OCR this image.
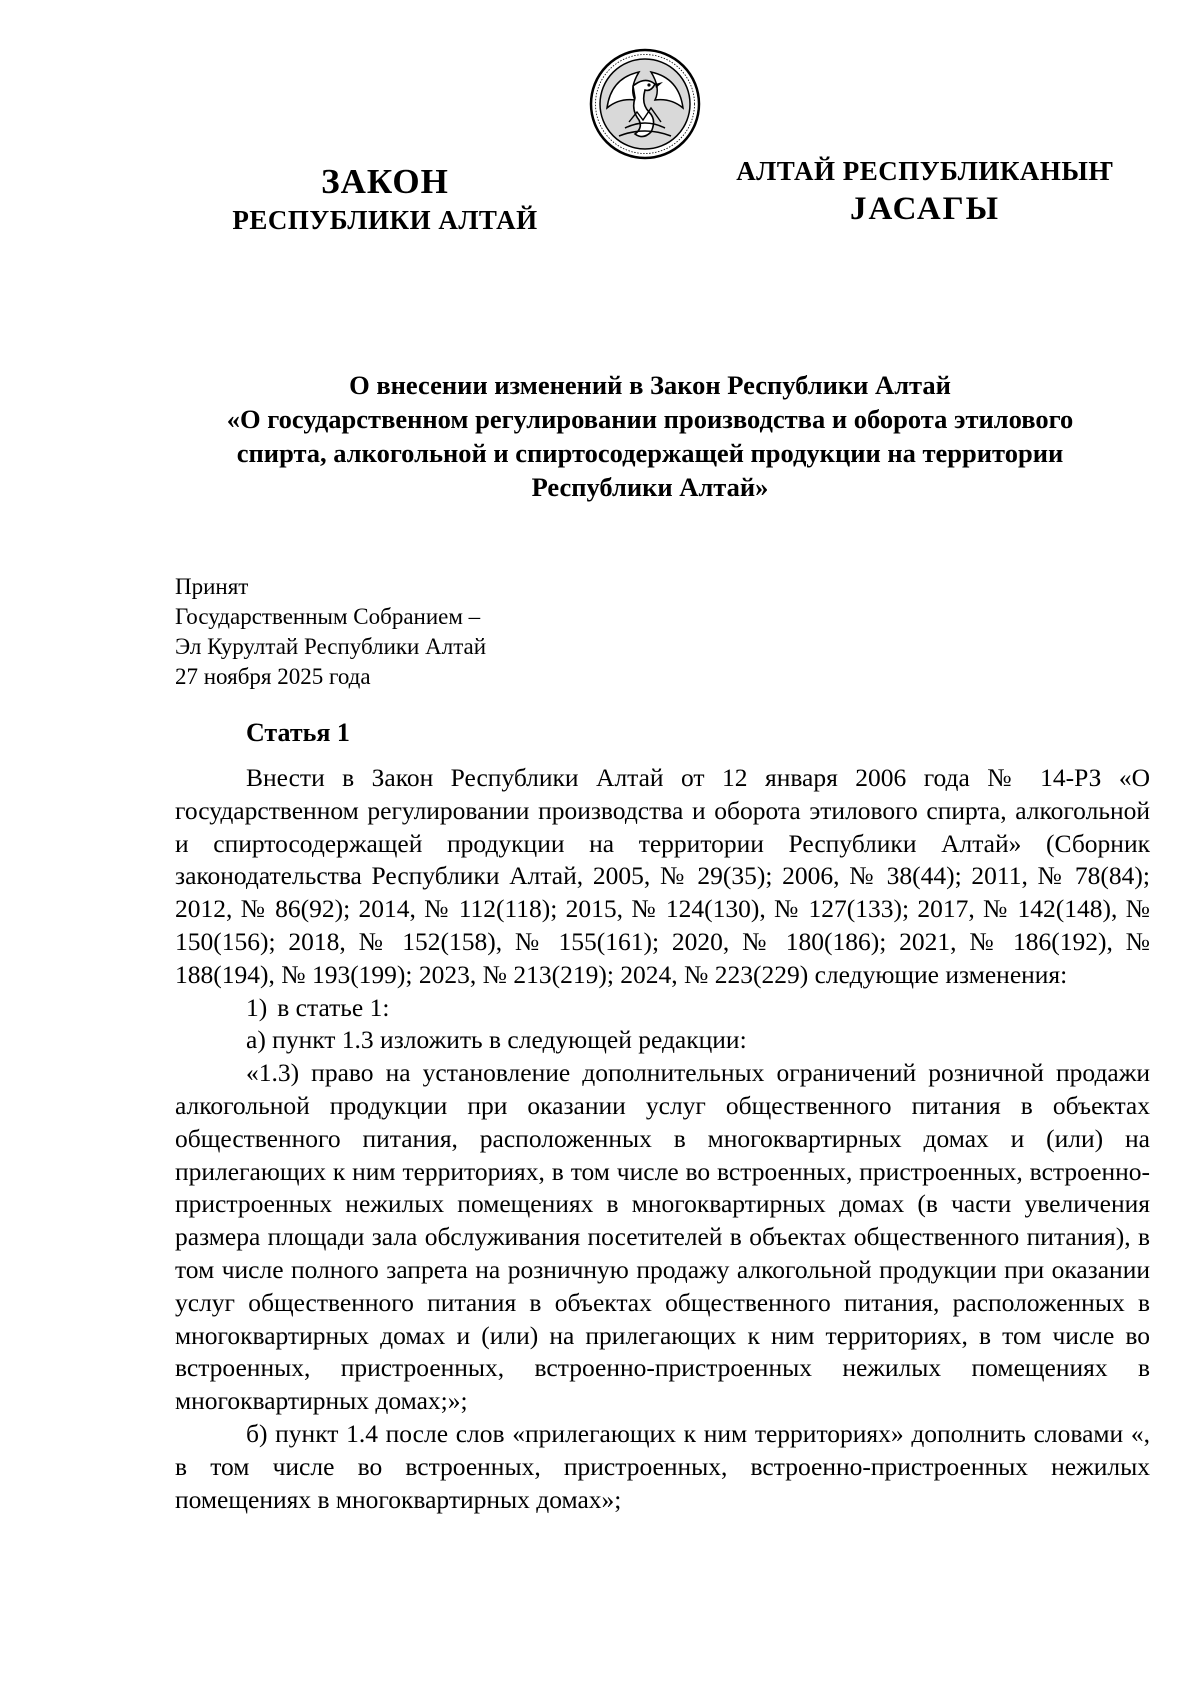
ЗАКОН
РЕСПУБЛИКИ АЛТАЙ
АЛТАЙ РЕСПУБЛИКАНЫҤ
JАСАГЫ
О внесении изменений в Закон Республики Алтай
«О государственном регулировании производства и оборота этилового
спирта, алкогольной и спиртосодержащей продукции на территории
Республики Алтай»
Принят
Государственным Собранием –
Эл Курултай Республики Алтай
27 ноября 2025 года
Статья 1

Внести в Закон Республики Алтай от 12 января 2006 года № 14-РЗ «О государственном регулировании производства и оборота этилового спирта, алкогольной и спиртосодержащей продукции на территории Республики Алтай» (Сборник законодательства Республики Алтай, 2005, № 29(35); 2006, № 38(44); 2011, № 78(84); 2012, № 86(92); 2014, № 112(118); 2015, № 124(130), № 127(133); 2017, № 142(148), № 150(156); 2018, № 152(158), № 155(161); 2020, № 180(186); 2021, № 186(192), № 188(194), № 193(199); 2023, № 213(219); 2024, № 223(229) следующие изменения:

1) в статье 1:

а) пункт 1.3 изложить в следующей редакции:

«1.3) право на установление дополнительных ограничений розничной продажи алкогольной продукции при оказании услуг общественного питания в объектах общественного питания, расположенных в многоквартирных домах и (или) на прилегающих к ним территориях, в том числе во встроенных, пристроенных, встроенно-пристроенных нежилых помещениях в многоквартирных домах (в части увеличения размера площади зала обслуживания посетителей в объектах общественного питания), в том числе полного запрета на розничную продажу алкогольной продукции при оказании услуг общественного питания в объектах общественного питания, расположенных в многоквартирных домах и (или) на прилегающих к ним территориях, в том числе во встроенных, пристроенных, встроенно-пристроенных нежилых помещениях в многоквартирных домах;»;

б) пункт 1.4 после слов «прилегающих к ним территориях» дополнить словами «, в том числе во встроенных, пристроенных, встроенно-пристроенных нежилых помещениях в многоквартирных домах»;
